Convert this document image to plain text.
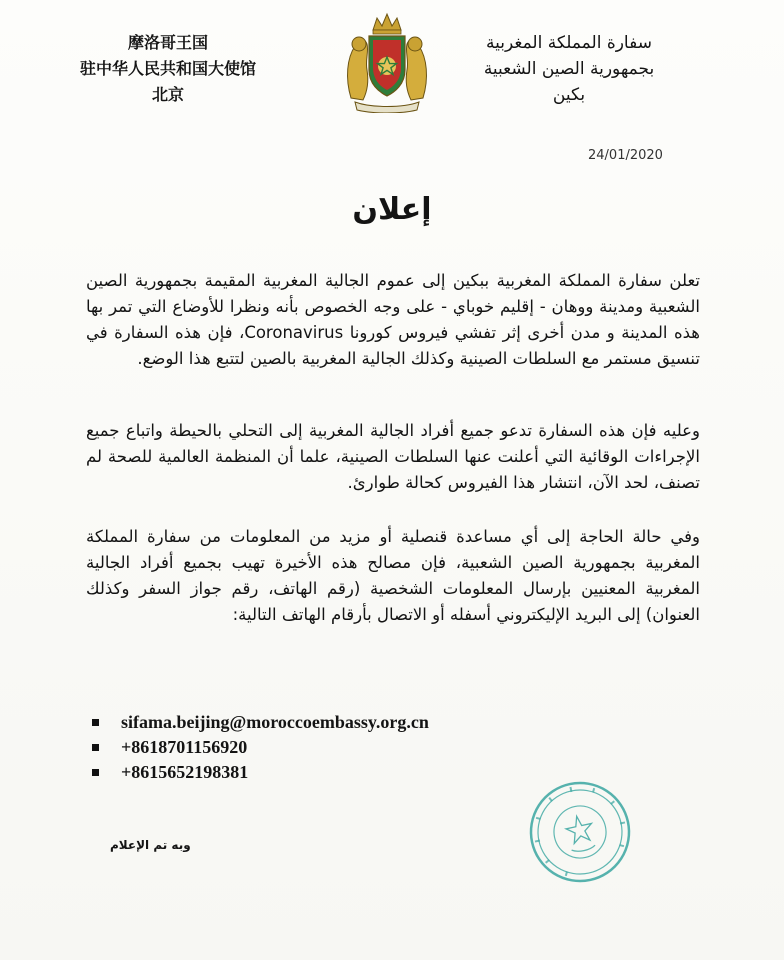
سفارة المملكة المغربية
بجمهورية الصين الشعبية
بكين
摩洛哥王国
驻中华人民共和国大使馆
北京
24/01/2020
إعلان
تعلن سفارة المملكة المغربية ببكين إلى عموم الجالية المغربية المقيمة بجمهورية الصين الشعبية ومدينة ووهان - إقليم خوباي - على وجه الخصوص بأنه ونظرا للأوضاع التي تمر بها هذه المدينة و مدن أخرى إثر تفشي فيروس كورونا Coronavirus، فإن هذه السفارة في تنسيق مستمر مع السلطات الصينية وكذلك الجالية المغربية بالصين لتتبع هذا الوضع.
وعليه فإن هذه السفارة تدعو جميع أفراد الجالية المغربية إلى التحلي بالحيطة واتباع جميع الإجراءات الوقائية التي أعلنت عنها السلطات الصينية، علما أن المنظمة العالمية للصحة لم تصنف، لحد الآن، انتشار هذا الفيروس كحالة طوارئ.
وفي حالة الحاجة إلى أي مساعدة قنصلية أو مزيد من المعلومات من سفارة المملكة المغربية بجمهورية الصين الشعبية، فإن مصالح هذه الأخيرة تهيب بجميع أفراد الجالية المغربية المعنيين بإرسال المعلومات الشخصية (رقم الهاتف، رقم جواز السفر وكذلك العنوان) إلى البريد الإليكتروني أسفله أو الاتصال بأرقام الهاتف التالية:
sifama.beijing@moroccoembassy.org.cn
+8618701156920
+8615652198381
وبه تم الإعلام
